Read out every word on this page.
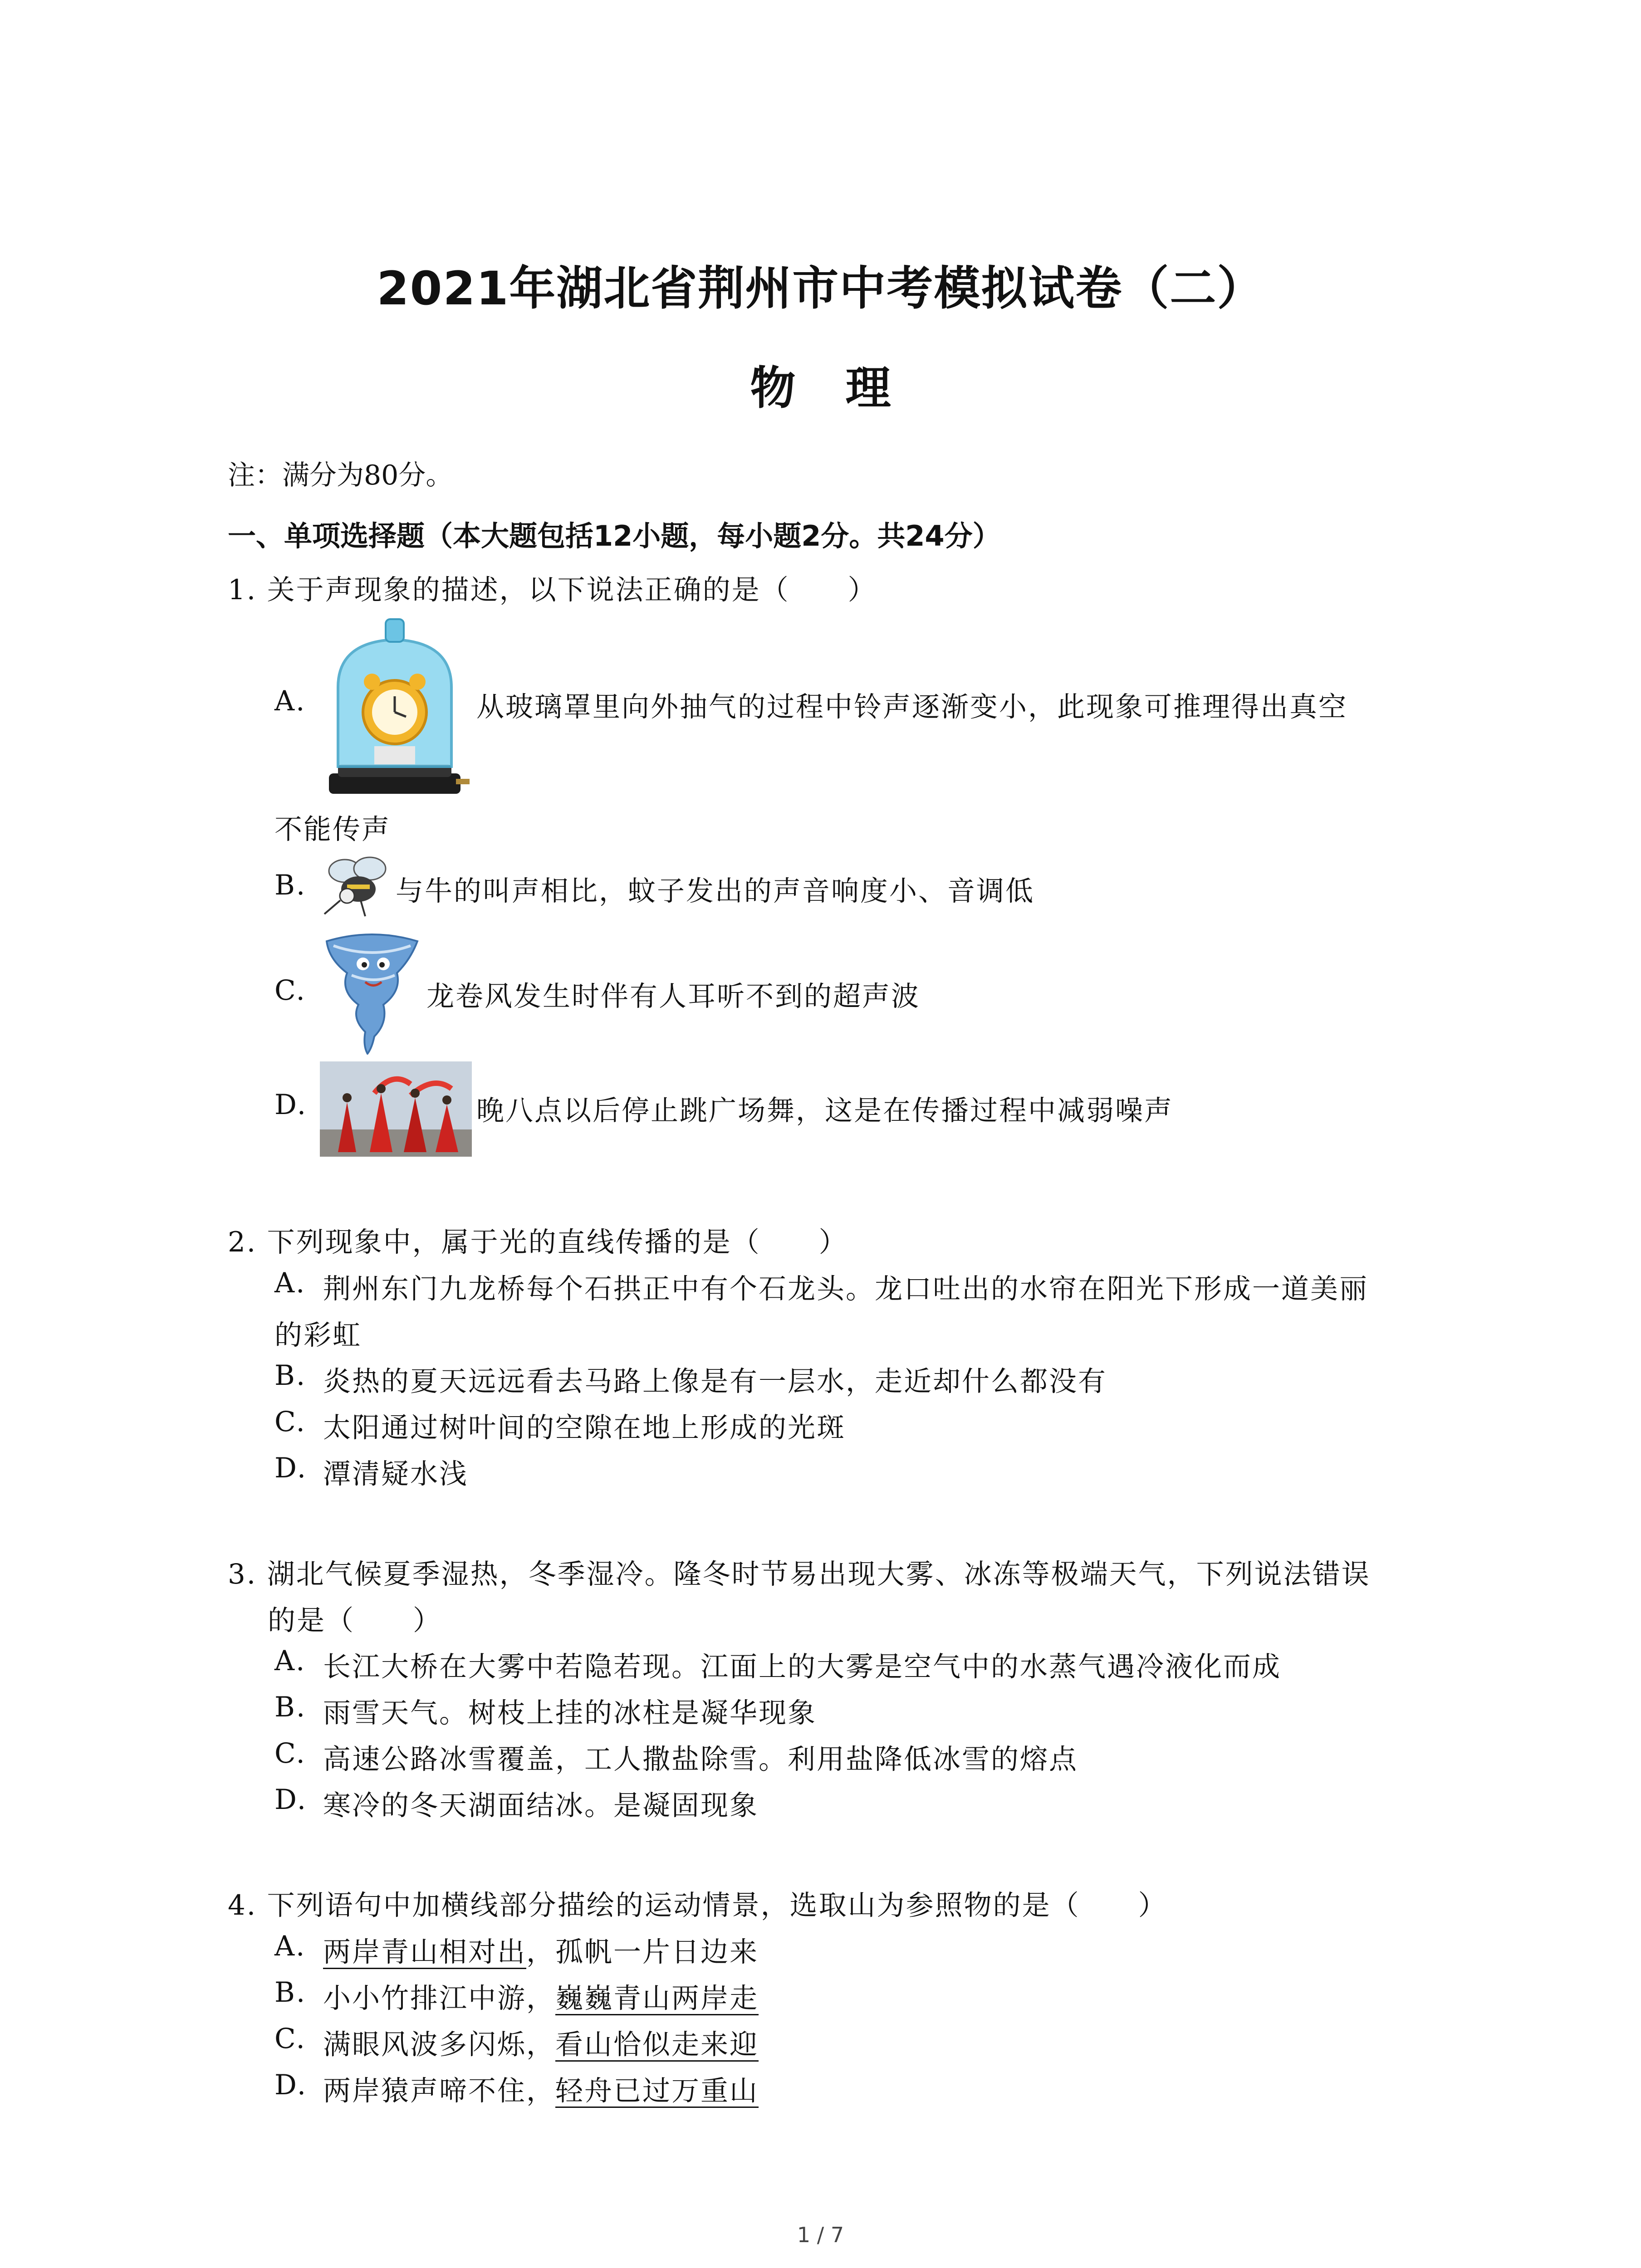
2021年湖北省荆州市中考模拟试卷（二）
物理
注：满分为80分。
一、单项选择题（本大题包括12小题，每小题2分。共24分）
1. 关于声现象的描述，以下说法正确的是（　　）
A.	从玻璃罩里向外抽气的过程中铃声逐渐变小，此现象可推理得出真空
不能传声
B.	与牛的叫声相比，蚊子发出的声音响度小、音调低
C.	龙卷风发生时伴有人耳听不到的超声波
D.	晚八点以后停止跳广场舞，这是在传播过程中减弱噪声
2. 下列现象中，属于光的直线传播的是（　　）
A. 荆州东门九龙桥每个石拱正中有个石龙头。龙口吐出的水帘在阳光下形成一道美丽
的彩虹
B. 炎热的夏天远远看去马路上像是有一层水，走近却什么都没有
C. 太阳通过树叶间的空隙在地上形成的光斑
D. 潭清疑水浅
3. 湖北气候夏季湿热，冬季湿冷。隆冬时节易出现大雾、冰冻等极端天气，下列说法错误
的是（　　）
A. 长江大桥在大雾中若隐若现。江面上的大雾是空气中的水蒸气遇冷液化而成
B. 雨雪天气。树枝上挂的冰柱是凝华现象
C. 高速公路冰雪覆盖，工人撒盐除雪。利用盐降低冰雪的熔点
D. 寒冷的冬天湖面结冰。是凝固现象
4. 下列语句中加横线部分描绘的运动情景，选取山为参照物的是（　　）
A. 两岸青山相对出，孤帆一片日边来
B. 小小竹排江中游，巍巍青山两岸走
C. 满眼风波多闪烁，看山恰似走来迎
D. 两岸猿声啼不住，轻舟已过万重山
1 / 7
